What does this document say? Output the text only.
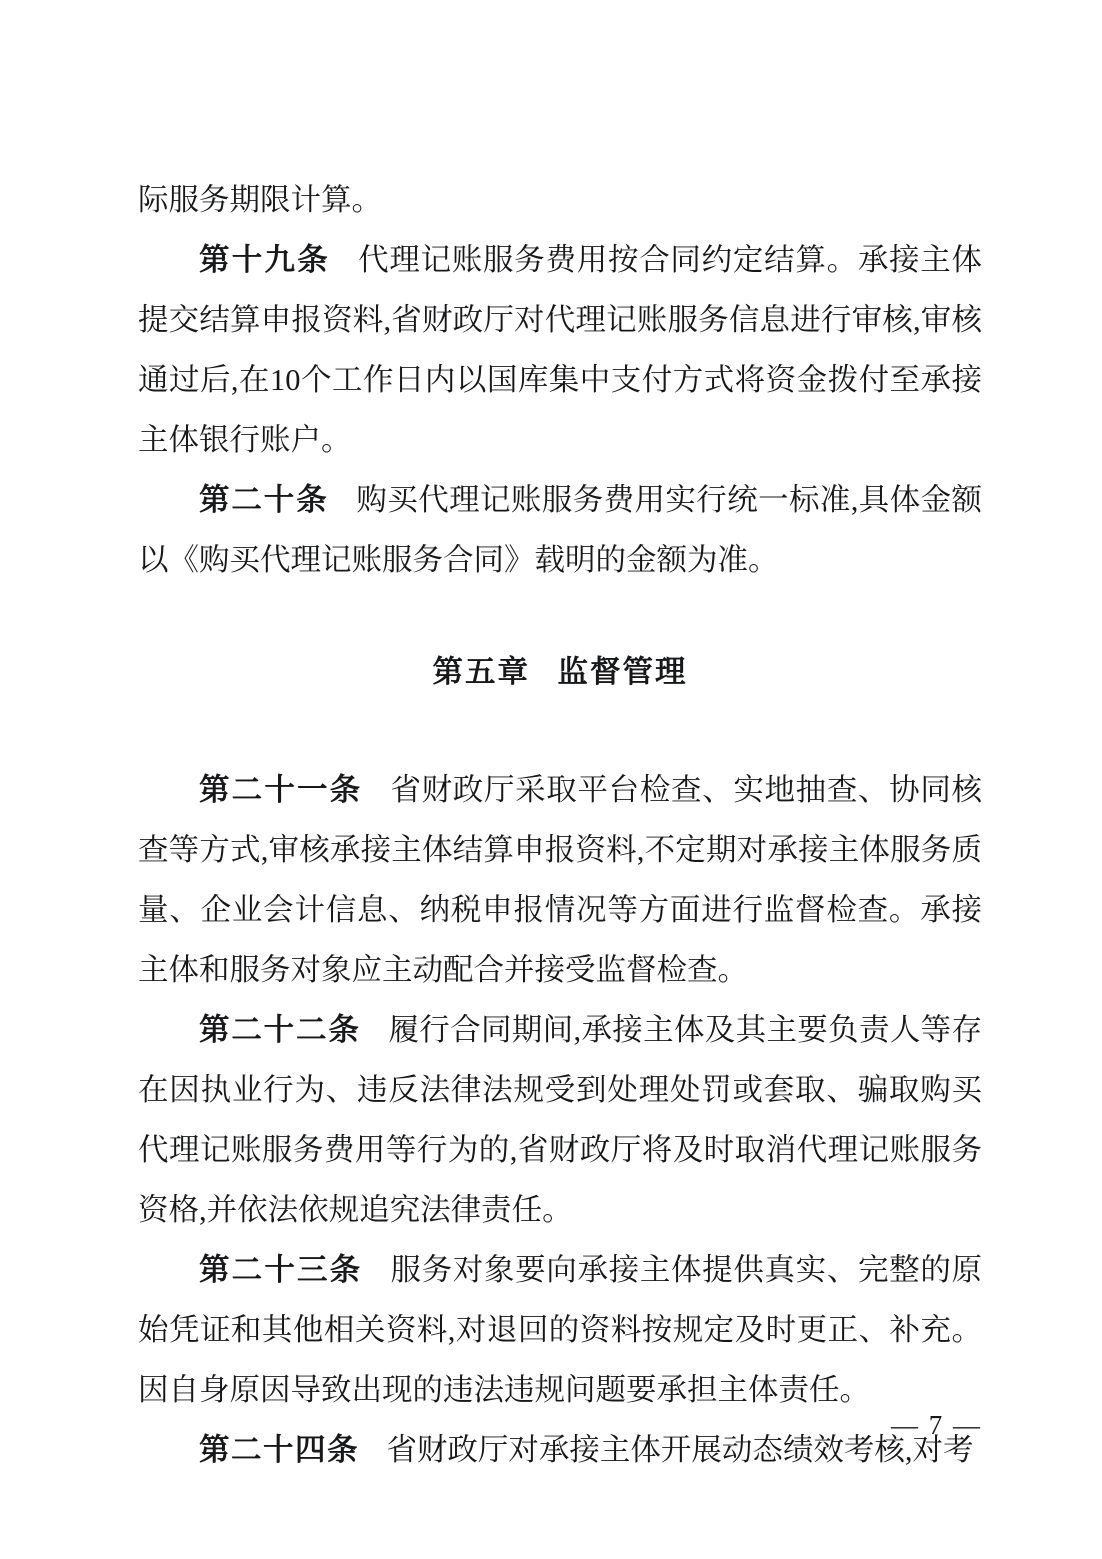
际服务期限计算。

第十九条 代理记账服务费用按合同约定结算。承接主体提交结算申报资料,省财政厅对代理记账服务信息进行审核,审核通过后,在10个工作日内以国库集中支付方式将资金拨付至承接主体银行账户。

第二十条 购买代理记账服务费用实行统一标准,具体金额以《购买代理记账服务合同》载明的金额为准。

第五章 监督管理

第二十一条 省财政厅采取平台检查、实地抽查、协同核查等方式,审核承接主体结算申报资料,不定期对承接主体服务质量、企业会计信息、纳税申报情况等方面进行监督检查。承接主体和服务对象应主动配合并接受监督检查。

第二十二条 履行合同期间,承接主体及其主要负责人等存在因执业行为、违反法律法规受到处理处罚或套取、骗取购买代理记账服务费用等行为的,省财政厅将及时取消代理记账服务资格,并依法依规追究法律责任。

第二十三条 服务对象要向承接主体提供真实、完整的原始凭证和其他相关资料,对退回的资料按规定及时更正、补充。因自身原因导致出现的违法违规问题要承担主体责任。

第二十四条 省财政厅对承接主体开展动态绩效考核,对考

— 7 —
